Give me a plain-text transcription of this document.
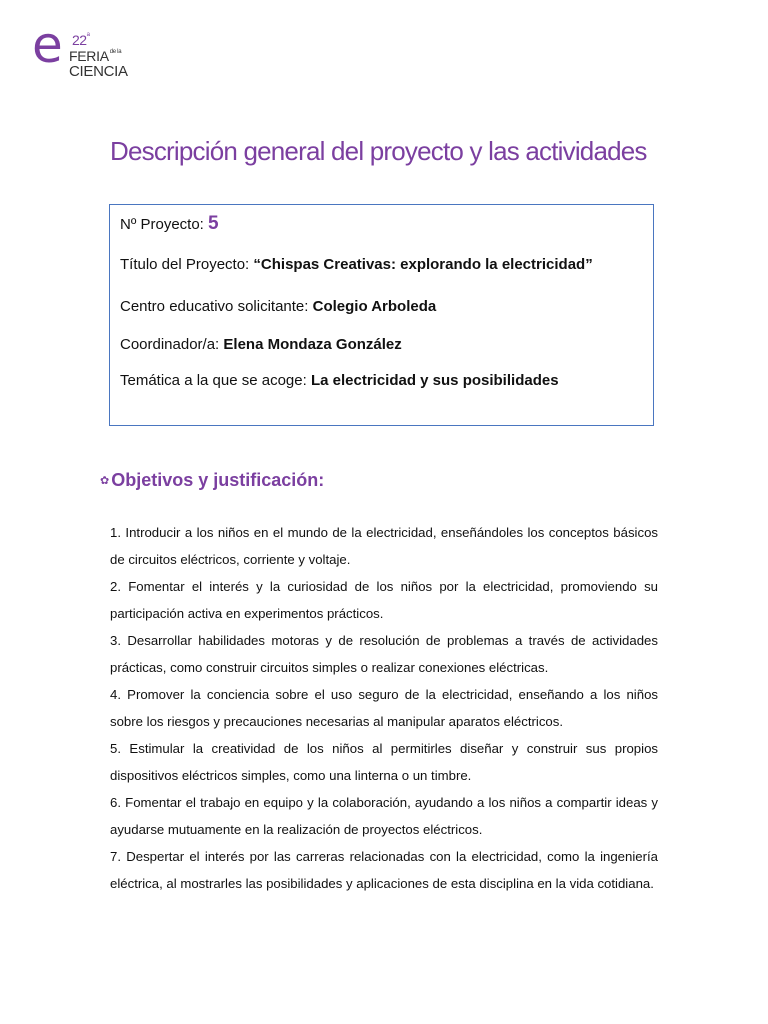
e 22$^a$
$FERIA^{de la}$
CIENCIA
Descripción general del proyecto y las actividades
Nº Proyecto: 5
Título del Proyecto: “Chispas Creativas: explorando la electricidad”
Centro educativo solicitante: Colegio Arboleda
Coordinador/a: Elena Mondaza González
Temática a la que se acoge: La electricidad y sus posibilidades
✿ Objetivos y justificación:
1. Introducir a los niños en el mundo de la electricidad, enseñándoles los conceptos básicos de circuitos eléctricos, corriente y voltaje.
2. Fomentar el interés y la curiosidad de los niños por la electricidad, promoviendo su participación activa en experimentos prácticos.
3. Desarrollar habilidades motoras y de resolución de problemas a través de actividades prácticas, como construir circuitos simples o realizar conexiones eléctricas.
4. Promover la conciencia sobre el uso seguro de la electricidad, enseñando a los niños sobre los riesgos y precauciones necesarias al manipular aparatos eléctricos.
5. Estimular la creatividad de los niños al permitirles diseñar y construir sus propios dispositivos eléctricos simples, como una linterna o un timbre.
6. Fomentar el trabajo en equipo y la colaboración, ayudando a los niños a compartir ideas y ayudarse mutuamente en la realización de proyectos eléctricos.
7. Despertar el interés por las carreras relacionadas con la electricidad, como la ingeniería eléctrica, al mostrarles las posibilidades y aplicaciones de esta disciplina en la vida cotidiana.
